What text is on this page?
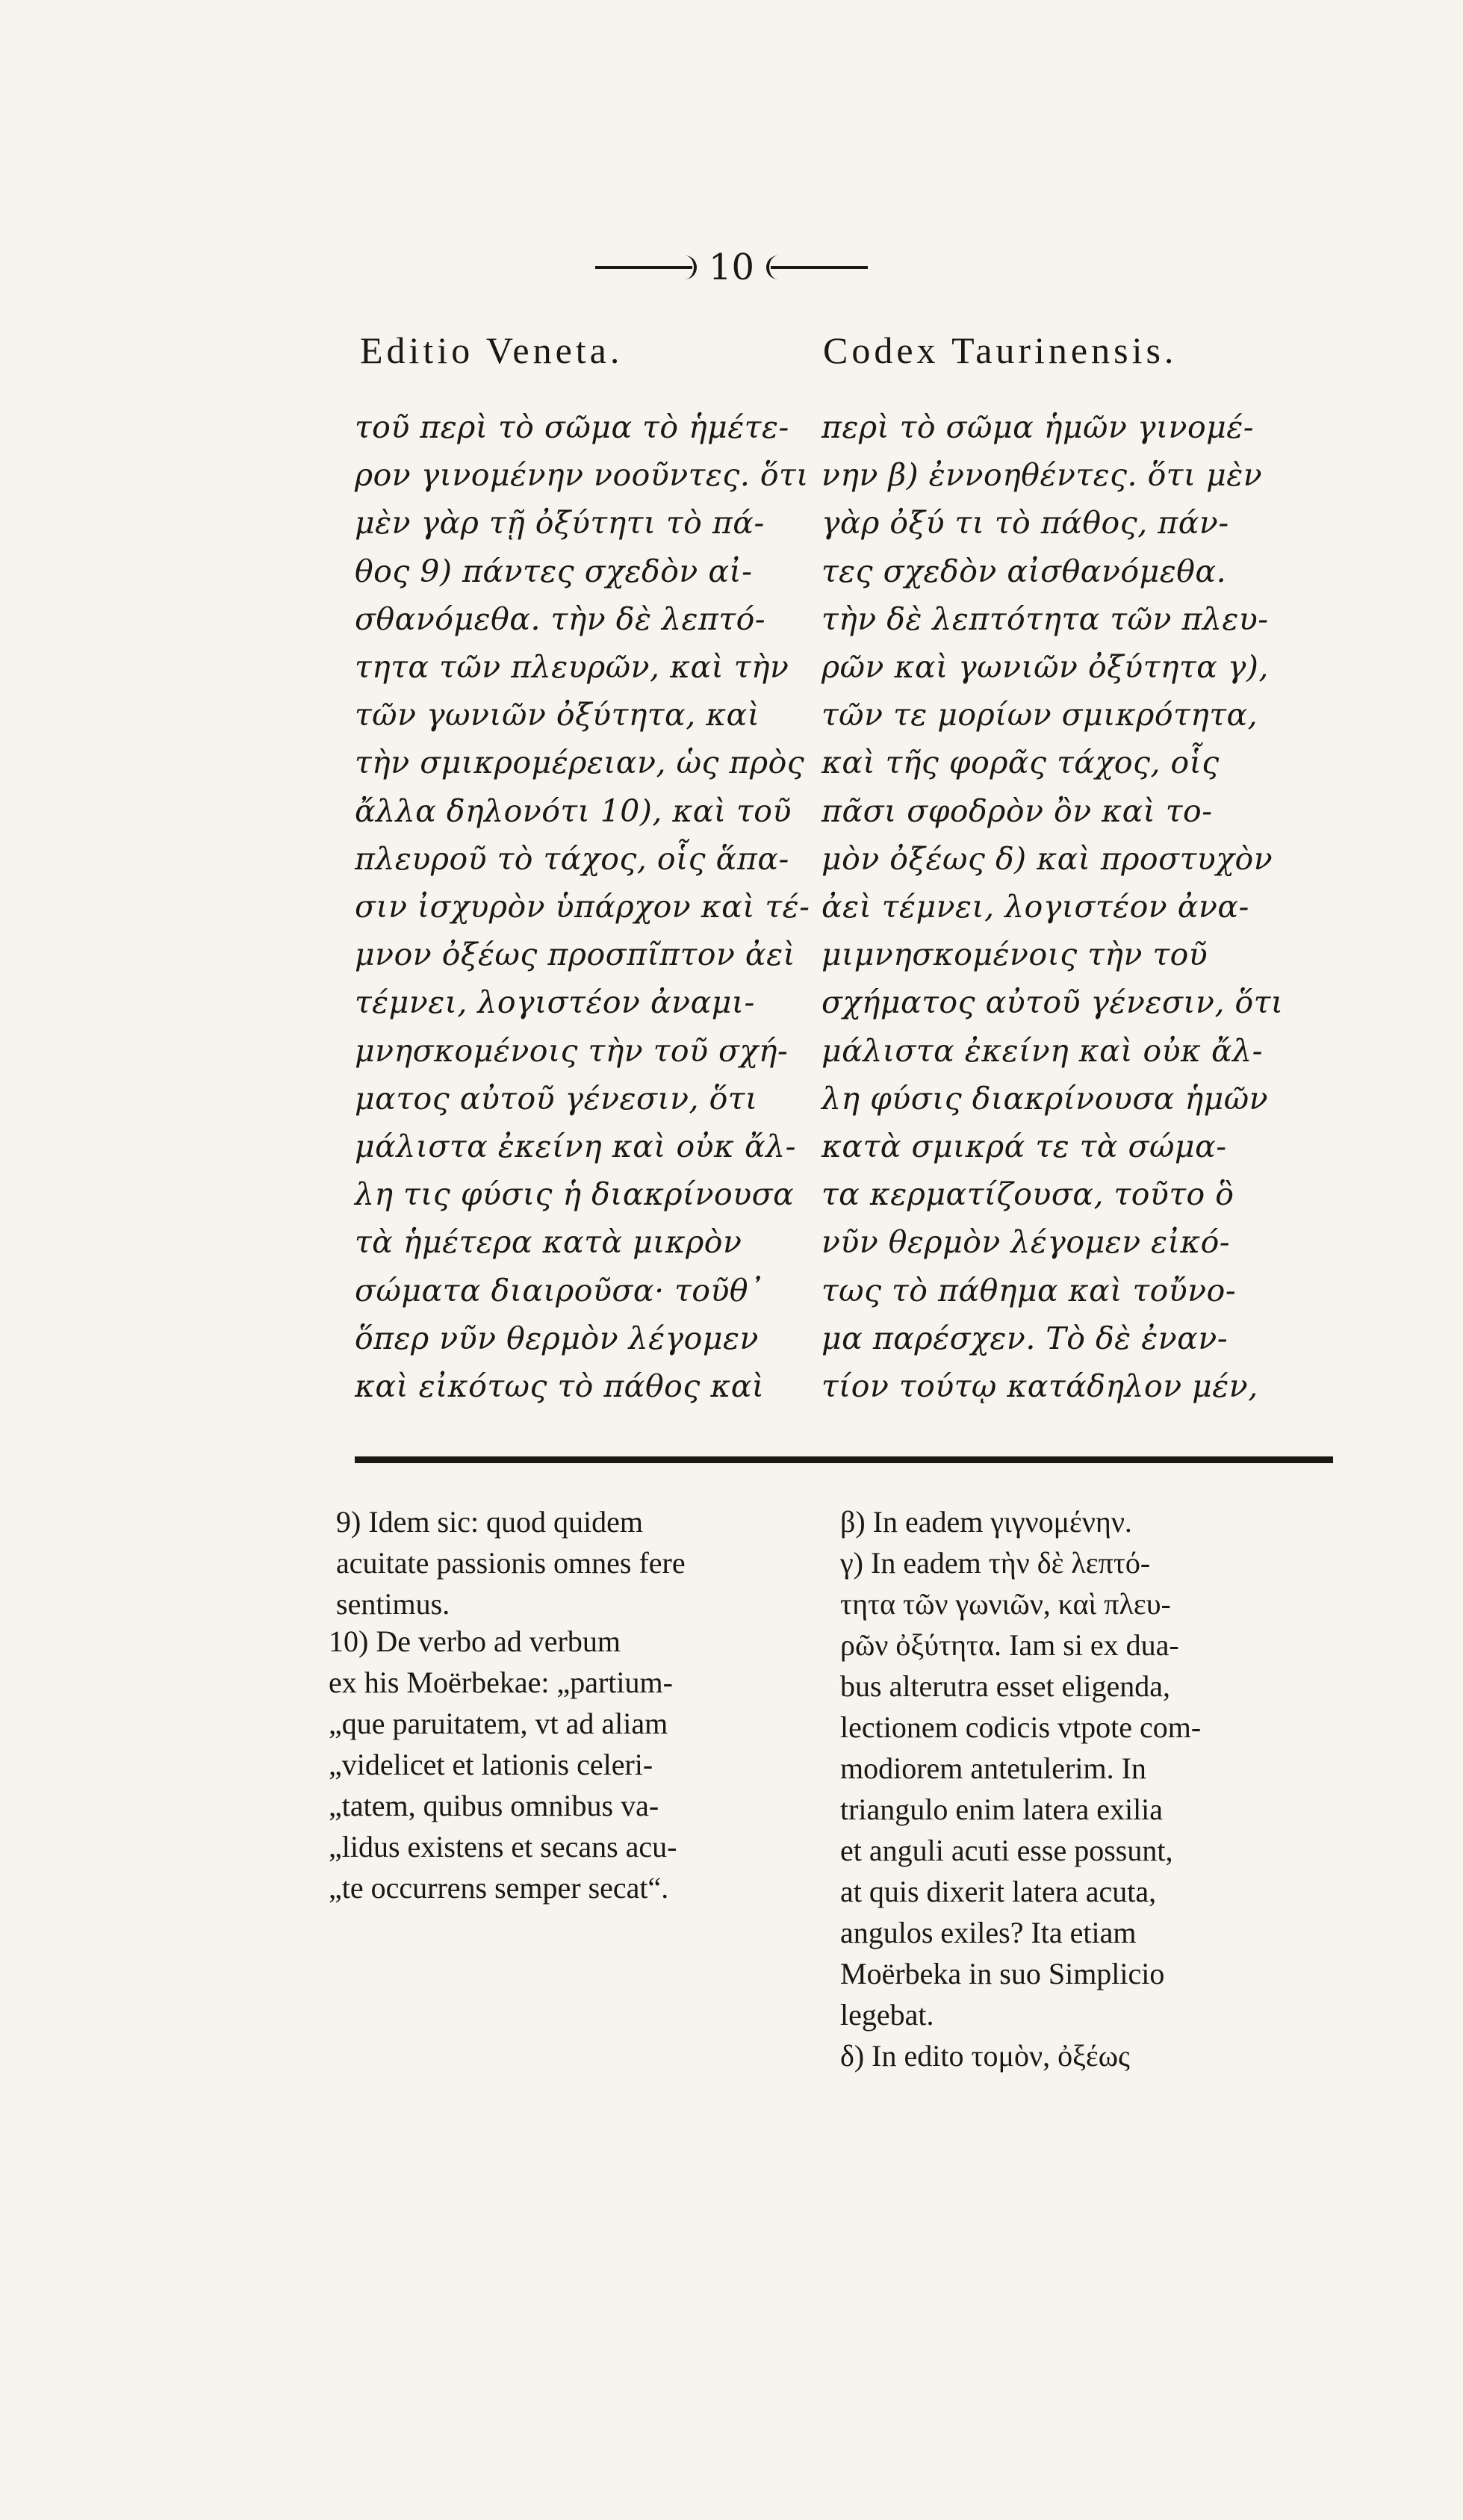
10
Editio Veneta.	Codex Taurinensis.
τοῦ περὶ τὸ σῶμα τὸ ἡμέτε-
ρον γινομένην νοοῦντες. ὅτι
μὲν γὰρ τῇ ὀξύτητι τὸ πά-
θος 9) πάντες σχεδὸν αἰ-
σθανόμεθα. τὴν δὲ λεπτό-
τητα τῶν πλευρῶν, καὶ τὴν
τῶν γωνιῶν ὀξύτητα, καὶ
τὴν σμικρομέρειαν, ὡς πρὸς
ἄλλα δηλονότι 10), καὶ τοῦ
πλευροῦ τὸ τάχος, οἷς ἅπα-
σιν ἰσχυρὸν ὑπάρχον καὶ τέ-
μνον ὀξέως προσπῖπτον ἀεὶ
τέμνει, λογιστέον ἀναμι-
μνησκομένοις τὴν τοῦ σχή-
ματος αὐτοῦ γένεσιν, ὅτι
μάλιστα ἐκείνη καὶ οὐκ ἄλ-
λη τις φύσις ἡ διακρίνουσα
τὰ ἡμέτερα κατὰ μικρὸν
σώματα διαιροῦσα· τοῦθ᾽
ὅπερ νῦν θερμὸν λέγομεν
καὶ εἰκότως τὸ πάθος καὶ
περὶ τὸ σῶμα ἡμῶν γινομέ-
νην β) ἐννοηθέντες. ὅτι μὲν
γὰρ ὀξύ τι τὸ πάθος, πάν-
τες σχεδὸν αἰσθανόμεθα.
τὴν δὲ λεπτότητα τῶν πλευ-
ρῶν καὶ γωνιῶν ὀξύτητα γ),
τῶν τε μορίων σμικρότητα,
καὶ τῆς φορᾶς τάχος, οἷς
πᾶσι σφοδρὸν ὂν καὶ το-
μὸν ὀξέως δ) καὶ προστυχὸν
ἀεὶ τέμνει, λογιστέον ἀνα-
μιμνησκομένοις τὴν τοῦ
σχήματος αὐτοῦ γένεσιν, ὅτι
μάλιστα ἐκείνη καὶ οὐκ ἄλ-
λη φύσις διακρίνουσα ἡμῶν
κατὰ σμικρά τε τὰ σώμα-
τα κερματίζουσα, τοῦτο ὃ
νῦν θερμὸν λέγομεν εἰκό-
τως τὸ πάθημα καὶ τοὔνο-
μα παρέσχεν. Τὸ δὲ ἐναν-
τίον τούτῳ κατάδηλον μέν,
9) Idem sic: quod quidem
acuitate passionis omnes fere
sentimus.
10) De verbo ad verbum
ex his Moërbekae: „partium-
„que paruitatem, vt ad aliam
„videlicet et lationis celeri-
„tatem, quibus omnibus va-
„lidus existens et secans acu-
„te occurrens semper secat“.
β) In eadem γιγνομένην.
γ) In eadem τὴν δὲ λεπτό-
τητα τῶν γωνιῶν, καὶ πλευ-
ρῶν ὀξύτητα. Iam si ex dua-
bus alterutra esset eligenda,
lectionem codicis vtpote com-
modiorem antetulerim. In
triangulo enim latera exilia
et anguli acuti esse possunt,
at quis dixerit latera acuta,
angulos exiles? Ita etiam
Moërbeka in suo Simplicio
legebat.
δ) In edito τομὸν, ὀξέως
